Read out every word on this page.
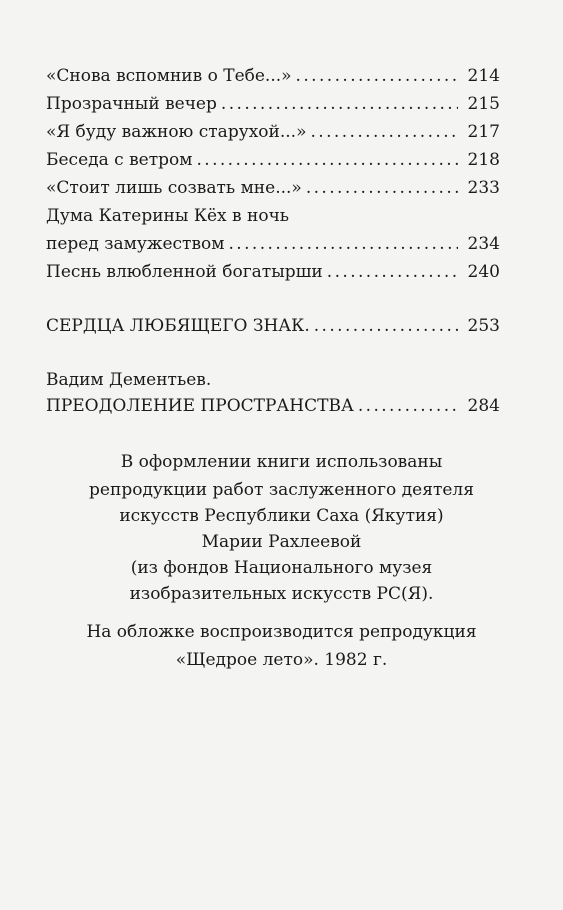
«Снова вспомнив о Тебе...» . . .	214
Прозрачный вечер . . .	215
«Я буду важною старухой...» . . .	217
Беседа с ветром . . .	218
«Стоит лишь созвать мне...» . . .	233
Дума Катерины Кёх в ночь
перед замужеством . . .	234
Песнь влюбленной богатырши . . .	240
СЕРДЦА ЛЮБЯЩЕГО ЗНАК. . . .	253
Вадим Дементьев.
ПРЕОДОЛЕНИЕ ПРОСТРАНСТВА . . .	284
В оформлении книги использованы
репродукции работ заслуженного деятеля
искусств Республики Саха (Якутия)
Марии Рахлеевой
(из фондов Национального музея
изобразительных искусств РС(Я).
На обложке воспроизводится репродукция
«Щедрое лето». 1982 г.
